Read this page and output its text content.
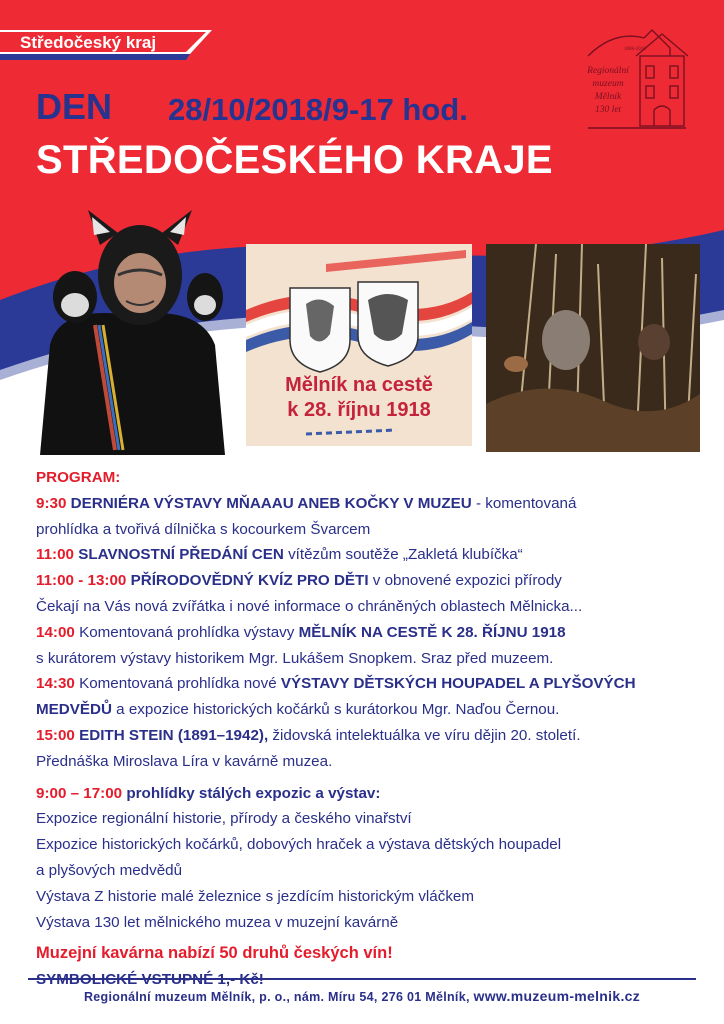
Středočeský kraj
DEN 28/10/2018/9-17 hod.
STŘEDOČESKÉHO KRAJE
1888-2018
Regionální
muzeum
Mělník
130 let
Mělník na cestě
k 28. říjnu 1918

PROGRAM:

9:30 DERNIÉRA VÝSTAVY MŇAAAU ANEB KOČKY V MUZEU - komentovaná

prohlídka a tvořivá dílnička s kocourkem Švarcem

11:00 SLAVNOSTNÍ PŘEDÁNÍ CEN vítězům soutěže „Zakletá klubíčka“

11:00 - 13:00 PŘÍRODOVĚDNÝ KVÍZ PRO DĚTI v obnovené expozici přírody

Čekají na Vás nová zvířátka i nové informace o chráněných oblastech Mělnicka...

14:00 Komentovaná prohlídka výstavy MĚLNÍK NA CESTĚ K 28. ŘÍJNU 1918

s kurátorem výstavy historikem Mgr. Lukášem Snopkem. Sraz před muzeem.

14:30 Komentovaná prohlídka nové VÝSTAVY DĚTSKÝCH HOUPADEL A PLYŠOVÝCH

MEDVĚDŮ a expozice historických kočárků s kurátorkou Mgr. Naďou Černou.

15:00 EDITH STEIN (1891–1942), židovská intelektuálka ve víru dějin 20. století.

Přednáška Miroslava Líra v kavárně muzea.

9:00 – 17:00 prohlídky stálých expozic a výstav:

Expozice regionální historie, přírody a českého vinařství

Expozice historických kočárků, dobových hraček a výstava dětských houpadel

a plyšových medvědů

Výstava Z historie malé železnice s jezdícím historickým vláčkem

Výstava 130 let mělnického muzea v muzejní kavárně

Muzejní kavárna nabízí 50 druhů českých vín!

Regionální muzeum Mělník, p. o., nám. Míru 54, 276 01 Mělník, www.muzeum-melnik.cz
